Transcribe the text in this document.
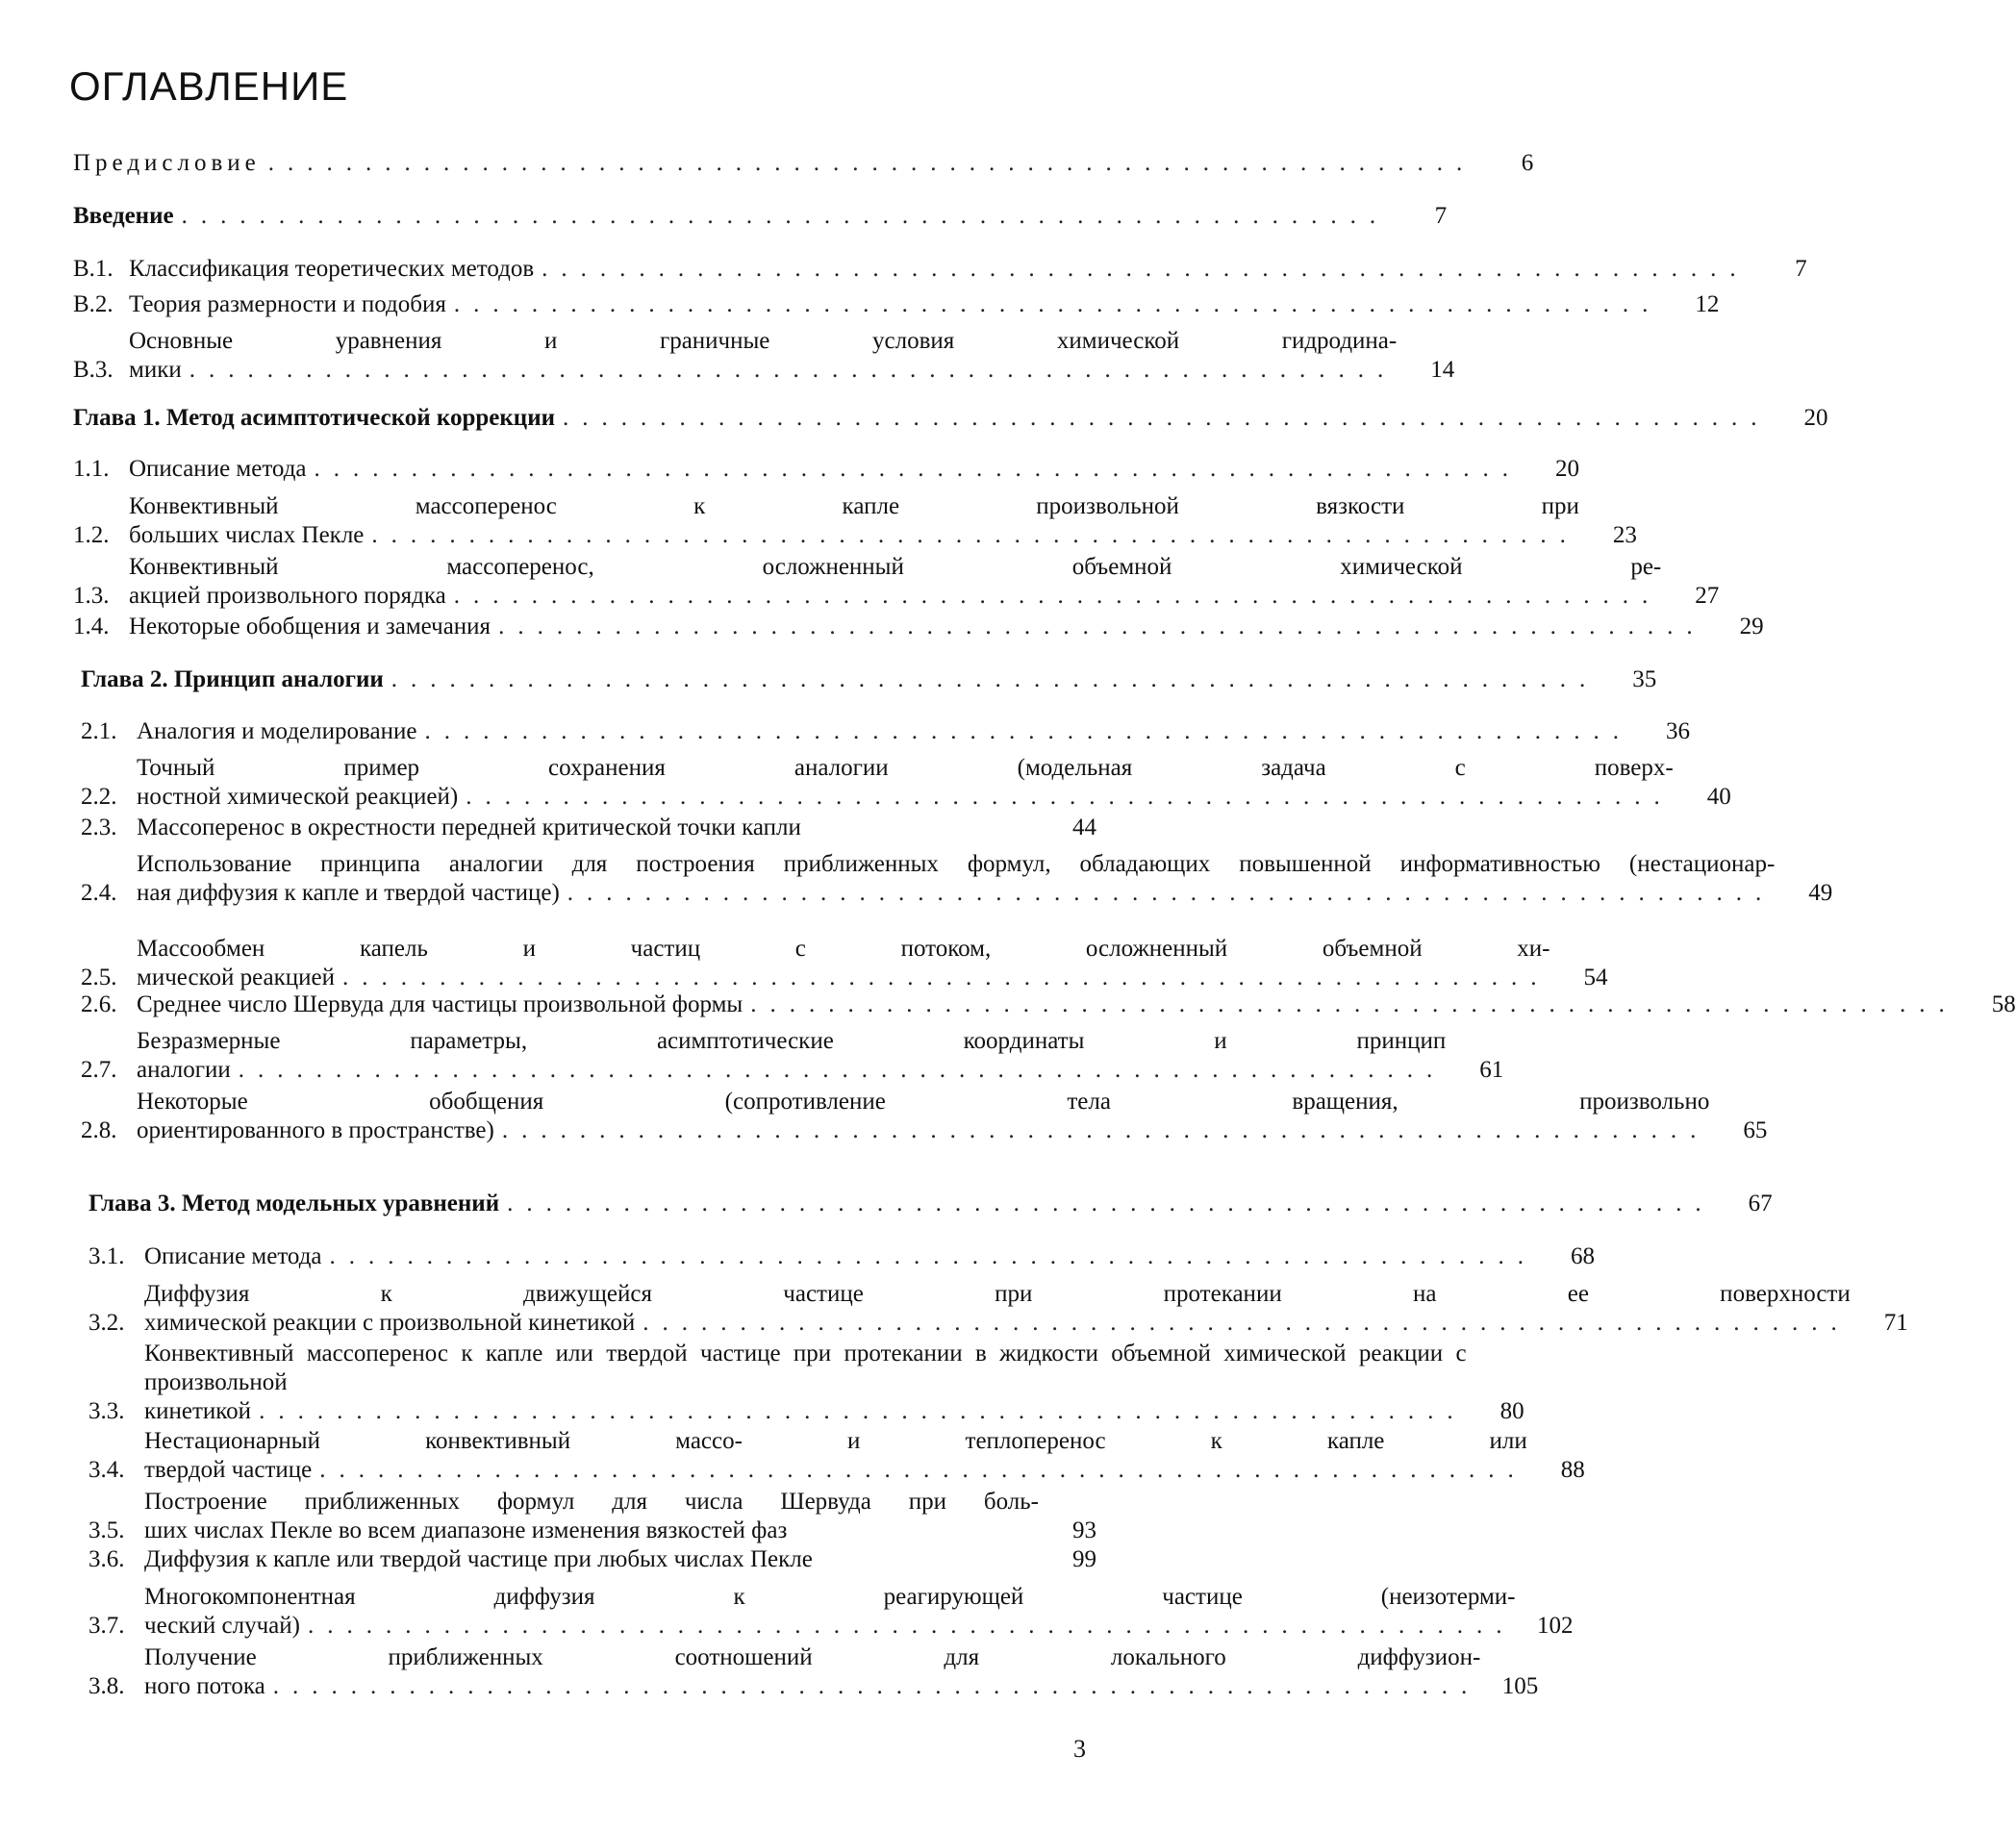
ОГЛАВЛЕНИЕ
Предисловие ..............................................................	6
Введение ..............................................................	7
В.1. Классификация теоретических методов ..............................................................	7
В.2. Теория размерности и подобия ..............................................................	12
В.3.
Основные уравнения и граничные условия химической гидродина-
мики ..............................................................	14
Глава 1. Метод асимптотической коррекции ..............................................................	20
1.1. Описание метода ..............................................................	20
1.2.
Конвективный массоперенос к капле произвольной вязкости при
больших числах Пекле ..............................................................	23
1.3.
Конвективный массоперенос, осложненный объемной химической ре-
акцией произвольного порядка ..............................................................	27
1.4. Некоторые обобщения и замечания ..............................................................	29
Глава 2. Принцип аналогии ..............................................................	35
2.1. Аналогия и моделирование ..............................................................	36
2.2.
Точный пример сохранения аналогии (модельная задача с поверх-
ностной химической реакцией) ..............................................................	40
2.3. Массоперенос в окрестности передней критической точки капли	44
2.4.
Использование принципа аналогии для построения приближенных формул, обладающих повышенной информативностью (нестационар-
ная диффузия к капле и твердой частице) ..............................................................	49
2.5.
Массообмен капель и частиц с потоком, осложненный объемной хи-
мической реакцией ..............................................................	54
2.6. Среднее число Шервуда для частицы произвольной формы ..............................................................	58
2.7.
Безразмерные параметры, асимптотические координаты и принцип
аналогии ..............................................................	61
2.8.
Некоторые обобщения (сопротивление тела вращения, произвольно
ориентированного в пространстве) ..............................................................	65
Глава 3. Метод модельных уравнений ..............................................................	67
3.1. Описание метода ..............................................................	68
3.2.
Диффузия к движущейся частице при протекании на ее поверхности
химической реакции с произвольной кинетикой ..............................................................	71
3.3.
Конвективный массоперенос к капле или твердой частице при протекании в жидкости объемной химической реакции с произвольной
кинетикой ..............................................................	80
3.4.
Нестационарный конвективный массо- и теплоперенос к капле или
твердой частице ..............................................................	88
3.5.
Построение приближенных формул для числа Шервуда при боль-
ших числах Пекле во всем диапазоне изменения вязкостей фаз	93
3.6. Диффузия к капле или твердой частице при любых числах Пекле	99
3.7.
Многокомпонентная диффузия к реагирующей частице (неизотерми-
ческий случай) .............................................................. 102
3.8.
Получение приближенных соотношений для локального диффузион-
ного потока .............................................................. 105
3
